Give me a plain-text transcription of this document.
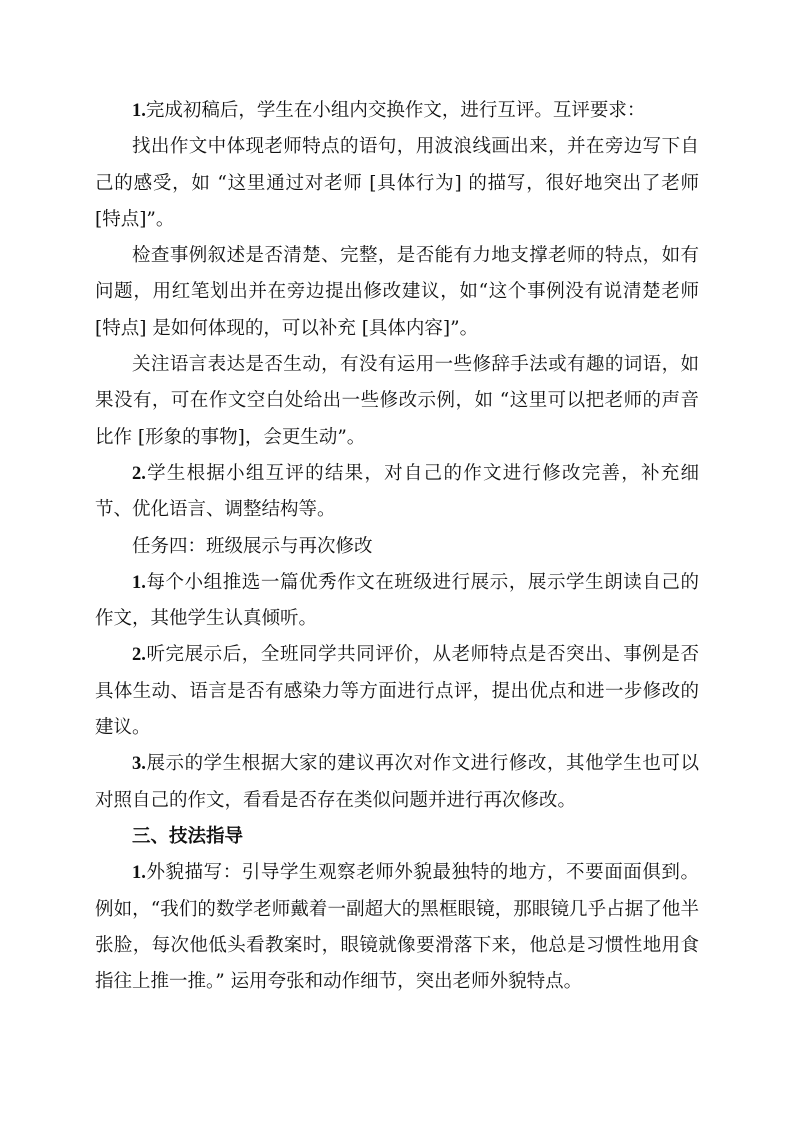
1.完成初稿后，学生在小组内交换作文，进行互评。互评要求：

找出作文中体现老师特点的语句，用波浪线画出来，并在旁边写下自己的感受，如 “这里通过对老师 [具体行为] 的描写，很好地突出了老师 [特点]”。

检查事例叙述是否清楚、完整，是否能有力地支撑老师的特点，如有问题，用红笔划出并在旁边提出修改建议，如“这个事例没有说清楚老师 [特点] 是如何体现的，可以补充 [具体内容]”。

关注语言表达是否生动，有没有运用一些修辞手法或有趣的词语，如果没有，可在作文空白处给出一些修改示例，如 “这里可以把老师的声音比作 [形象的事物]，会更生动”。

2.学生根据小组互评的结果，对自己的作文进行修改完善，补充细节、优化语言、调整结构等。

任务四：班级展示与再次修改

1.每个小组推选一篇优秀作文在班级进行展示，展示学生朗读自己的作文，其他学生认真倾听。

2.听完展示后，全班同学共同评价，从老师特点是否突出、事例是否具体生动、语言是否有感染力等方面进行点评，提出优点和进一步修改的建议。

3.展示的学生根据大家的建议再次对作文进行修改，其他学生也可以对照自己的作文，看看是否存在类似问题并进行再次修改。

三、技法指导

1.外貌描写：引导学生观察老师外貌最独特的地方，不要面面俱到。例如，“我们的数学老师戴着一副超大的黑框眼镜，那眼镜几乎占据了他半张脸，每次他低头看教案时，眼镜就像要滑落下来，他总是习惯性地用食指往上推一推。” 运用夸张和动作细节，突出老师外貌特点。
